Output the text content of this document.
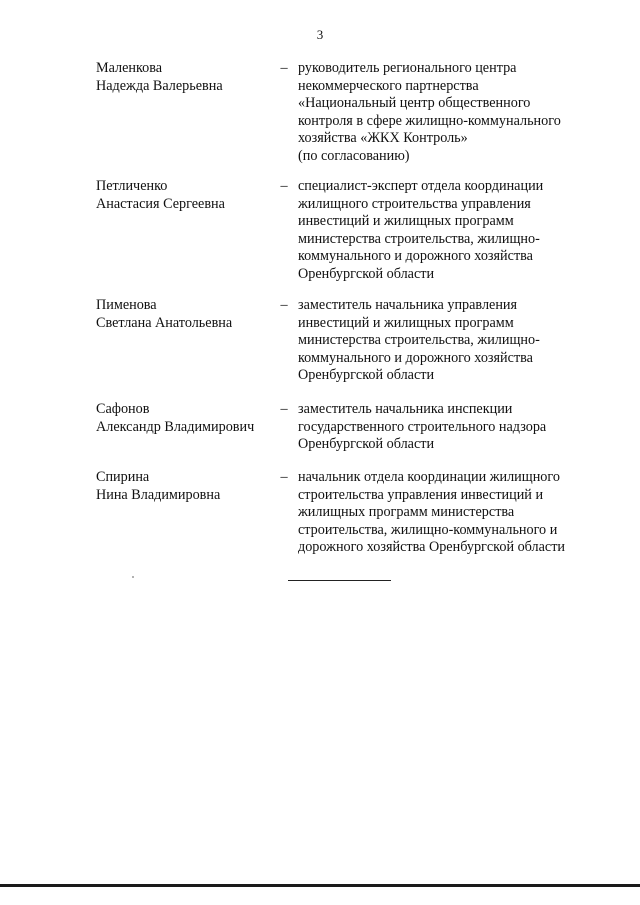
3
Маленкова
Надежда Валерьевна
– руководитель регионального центра
некоммерческого партнерства
«Национальный центр общественного
контроля в сфере жилищно-коммунального
хозяйства «ЖКХ Контроль»
(по согласованию)
Петличенко
Анастасия Сергеевна
– специалист-эксперт отдела координации
жилищного строительства управления
инвестиций и жилищных программ
министерства строительства, жилищно-
коммунального и дорожного хозяйства
Оренбургской области
Пименова
Светлана Анатольевна
– заместитель начальника управления
инвестиций и жилищных программ
министерства строительства, жилищно-
коммунального и дорожного хозяйства
Оренбургской области
Сафонов
Александр Владимирович
– заместитель начальника инспекции
государственного строительного надзора
Оренбургской области
Спирина
Нина Владимировна
– начальник отдела координации жилищного
строительства управления инвестиций и
жилищных программ министерства
строительства, жилищно-коммунального и
дорожного хозяйства Оренбургской области
